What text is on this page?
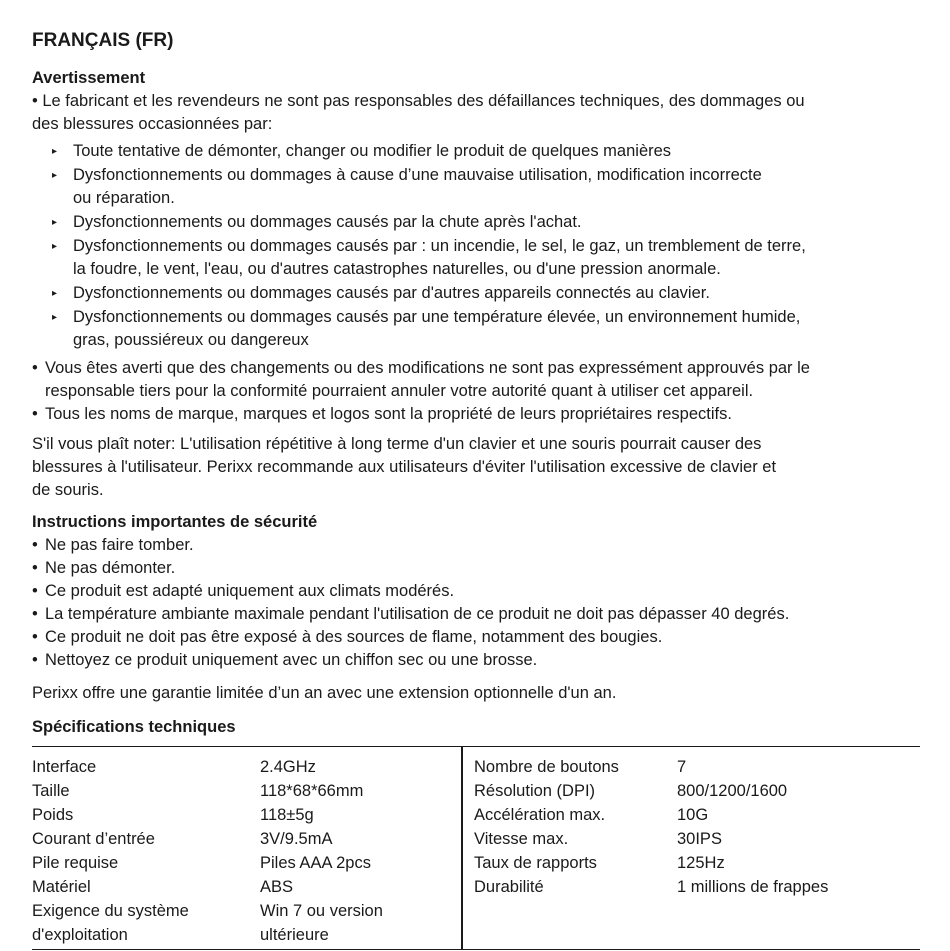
FRANÇAIS (FR)
Avertissement
• Le fabricant et les revendeurs ne sont pas responsables des défaillances techniques, des dommages ou
des blessures occasionnées par:
▸ Toute tentative de démonter, changer ou modifier le produit de quelques manières
▸ Dysfonctionnements ou dommages à cause d’une mauvaise utilisation, modification incorrecte
ou réparation.
▸ Dysfonctionnements ou dommages causés par la chute après l'achat.
▸ Dysfonctionnements ou dommages causés par : un incendie, le sel, le gaz, un tremblement de terre,
la foudre, le vent, l'eau, ou d'autres catastrophes naturelles, ou d'une pression anormale.
▸ Dysfonctionnements ou dommages causés par d'autres appareils connectés au clavier.
▸ Dysfonctionnements ou dommages causés par une température élevée, un environnement humide,
gras, poussiéreux ou dangereux
• Vous êtes averti que des changements ou des modifications ne sont pas expressément approuvés par le
responsable tiers pour la conformité pourraient annuler votre autorité quant à utiliser cet appareil.
• Tous les noms de marque, marques et logos sont la propriété de leurs propriétaires respectifs.
S'il vous plaît noter: L'utilisation répétitive à long terme d'un clavier et une souris pourrait causer des
blessures à l'utilisateur. Perixx recommande aux utilisateurs d'éviter l'utilisation excessive de clavier et
de souris.
Instructions importantes de sécurité
• Ne pas faire tomber.
• Ne pas démonter.
• Ce produit est adapté uniquement aux climats modérés.
• La température ambiante maximale pendant l'utilisation de ce produit ne doit pas dépasser 40 degrés.
• Ce produit ne doit pas être exposé à des sources de flame, notamment des bougies.
• Nettoyez ce produit uniquement avec un chiffon sec ou une brosse.
Perixx offre une garantie limitée d’un an avec une extension optionnelle d'un an.
Spécifications techniques
Interface	2.4GHz
Taille	118*68*66mm
Poids	118±5g
Courant d’entrée	3V/9.5mA
Pile requise	Piles AAA 2pcs
Matériel	ABS
Exigence du système	Win 7 ou version
d'exploitation	ultérieure
Nombre de boutons	7
Résolution (DPI)	800/1200/1600
Accélération max.	10G
Vitesse max.	30IPS
Taux de rapports	125Hz
Durabilité	1 millions de frappes
